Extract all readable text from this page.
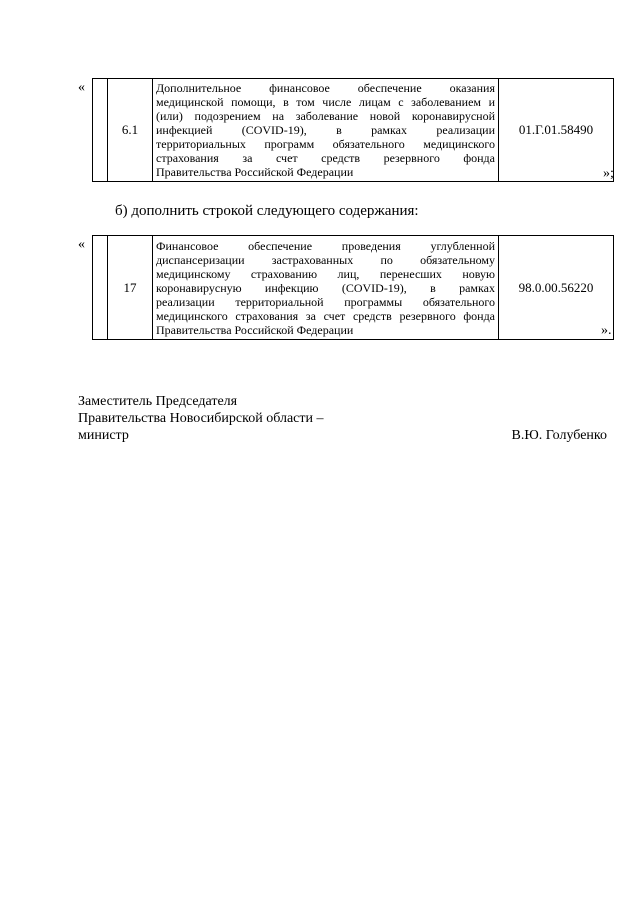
«
	6.1	
Дополнительное финансовое обеспечение оказания
медицинской помощи, в том числе лицам с заболеванием и
(или) подозрением на заболевание новой коронавирусной
инфекцией (COVID-19), в рамках реализации
территориальных программ обязательного медицинского
страхования за счет средств резервного фонда
Правительства Российской Федерации
	01.Г.01.58490
»;
б) дополнить строкой следующего содержания:
«
	17	
Финансовое обеспечение проведения углубленной
диспансеризации застрахованных по обязательному
медицинскому страхованию лиц, перенесших новую
коронавирусную инфекцию (COVID-19), в рамках
реализации территориальной программы обязательного
медицинского страхования за счет средств резервного фонда
Правительства Российской Федерации
	98.0.00.56220
».
Заместитель Председателя
Правительства Новосибирской области –
министр	В.Ю. Голубенко
